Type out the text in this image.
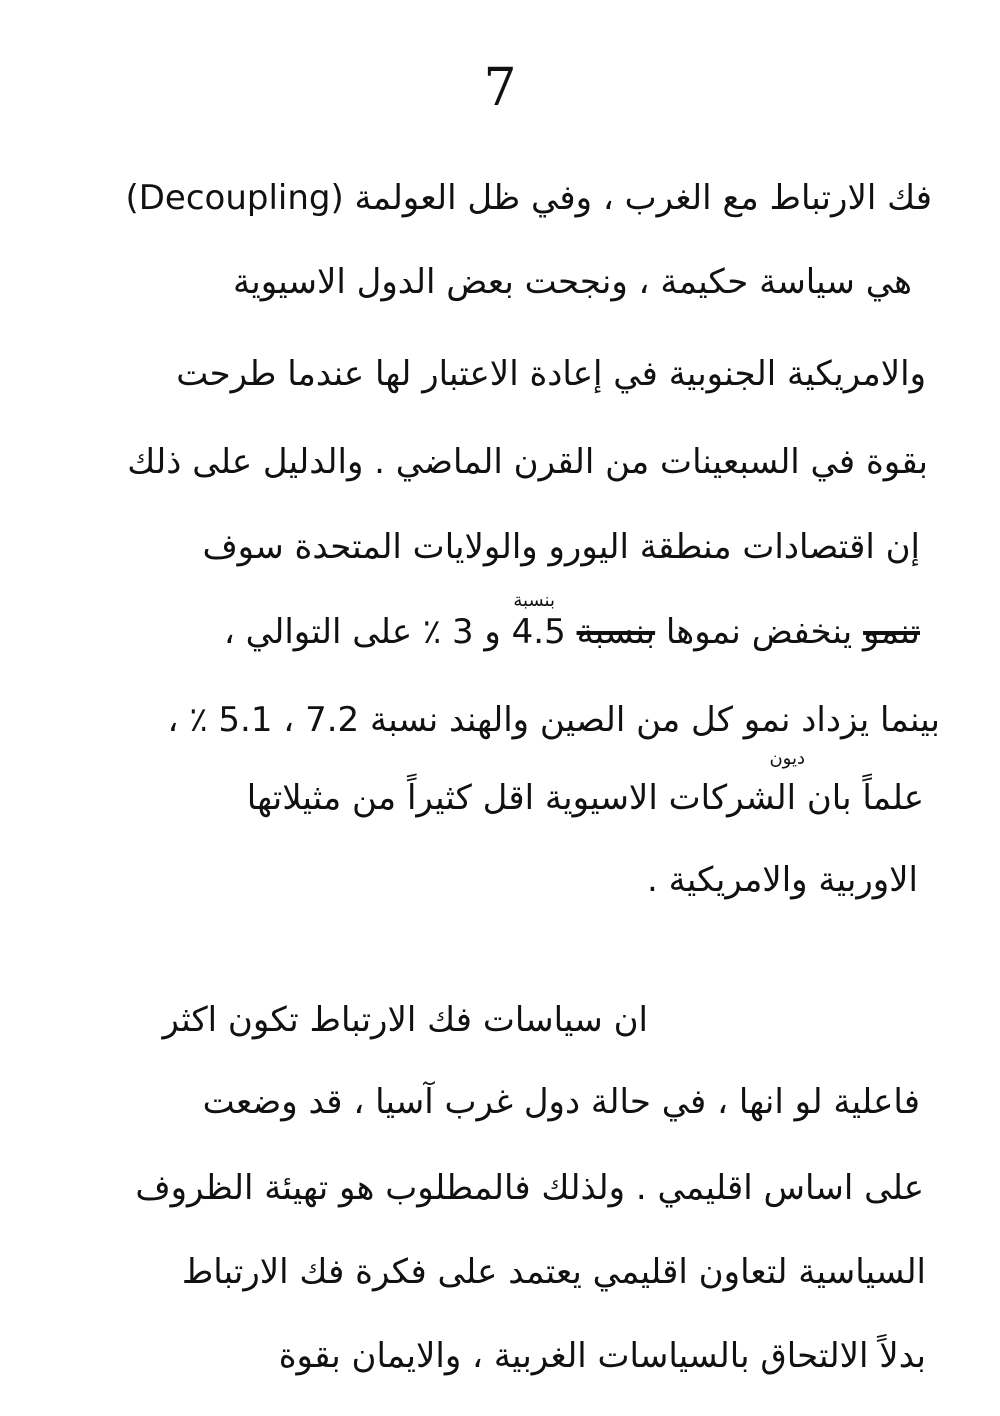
7
فك الارتباط مع الغرب ، وفي ظل العولمة (Decoupling)
هي سياسة حكيمة ، ونجحت بعض الدول الاسيوية
والامريكية الجنوبية في إعادة الاعتبار لها عندما طرحت
بقوة في السبعينات من القرن الماضي . والدليل على ذلك
إن اقتصادات منطقة اليورو والولايات المتحدة سوف
بنسبة
تنمو ينخفض نموها بنسبة 4.5 و 3 ٪ على التوالي ،
بينما يزداد نمو كل من الصين والهند نسبة 7.2 ، 5.1 ٪ ،
ديون
علماً بان الشركات الاسيوية اقل كثيراً من مثيلاتها
الاوربية والامريكية .
ان سياسات فك الارتباط تكون اكثر
فاعلية لو انها ، في حالة دول غرب آسيا ، قد وضعت
على اساس اقليمي . ولذلك فالمطلوب هو تهيئة الظروف
السياسية لتعاون اقليمي يعتمد على فكرة فك الارتباط
بدلاً الالتحاق بالسياسات الغربية ، والايمان بقوة
